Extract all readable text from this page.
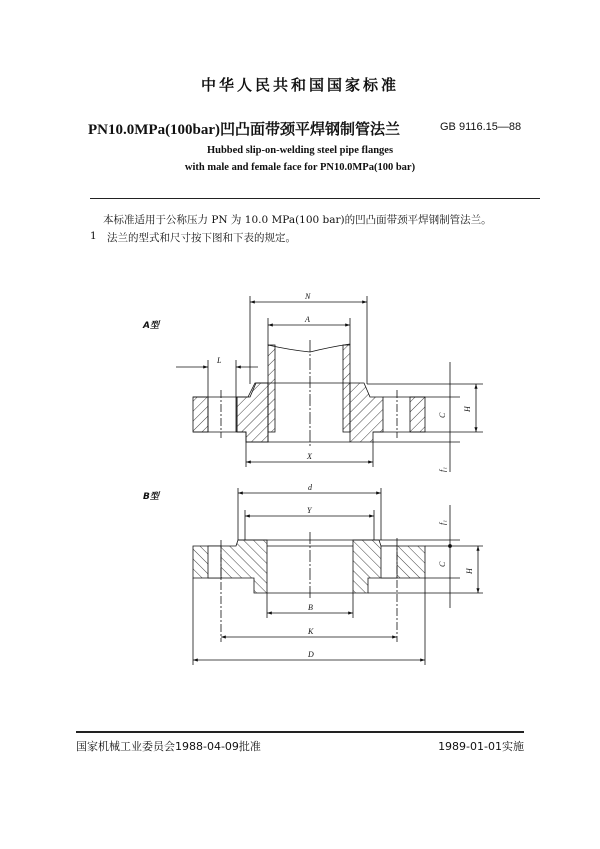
中华人民共和国国家标准
PN10.0MPa(100bar)凹凸面带颈平焊钢制管法兰	GB 9116.15—88
Hubbed slip-on-welding steel pipe flanges
with male and female face for PN10.0MPa(100 bar)
本标准适用于公称压力 PN 为 10.0 MPa(100 bar)的凹凸面带颈平焊钢制管法兰。
1 法兰的型式和尺寸按下图和下表的规定。
A型
N
A
L
X
H
C
f₁
B型
d
Y
B
K
D
H
C
f₁
国家机械工业委员会1988-04-09批准	1989-01-01实施
